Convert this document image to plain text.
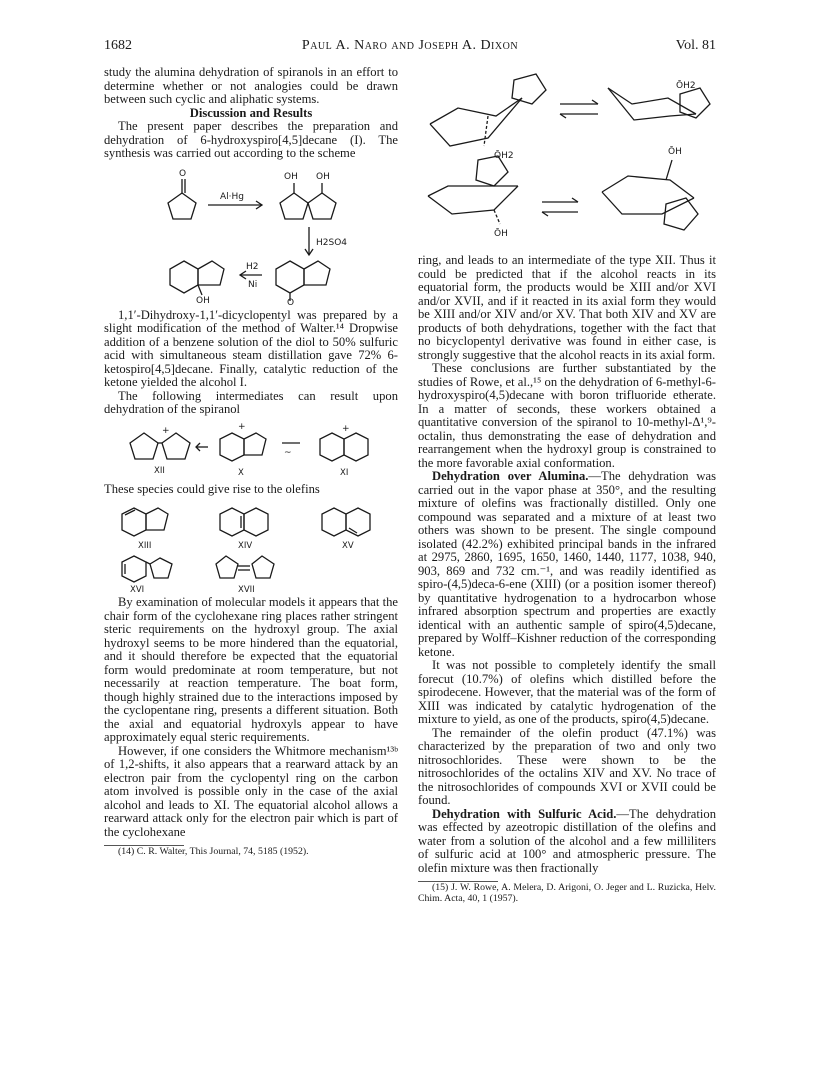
1682	Paul A. Naro and Joseph A. Dixon	Vol. 81

study the alumina dehydration of spiranols in an effort to determine whether or not analogies could be drawn between such cyclic and aliphatic systems.

Discussion and Results

The present paper describes the preparation and dehydration of 6-hydroxyspiro[4,5]decane (I). The synthesis was carried out according to the scheme

O
Al·Hg
OH OH
H2SO4
O
H2
Ni
OH

1,1′-Dihydroxy-1,1′-dicyclopentyl was prepared by a slight modification of the method of Walter.¹⁴ Dropwise addition of a benzene solution of the diol to 50% sulfuric acid with simultaneous steam distillation gave 72% 6-ketospiro[4,5]decane. Finally, catalytic reduction of the ketone yielded the alcohol I.

The following intermediates can result upon dehydration of the spiranol

+
XII
+
X
~
+
XI

These species could give rise to the olefins

XIII	XIV	XV
XVI	XVII

By examination of molecular models it appears that the chair form of the cyclohexane ring places rather stringent steric requirements on the hydroxyl group. The axial hydroxyl seems to be more hindered than the equatorial, and it should therefore be expected that the equatorial form would predominate at room temperature, but not necessarily at reaction temperature. The boat form, though highly strained due to the interactions imposed by the cyclopentane ring, presents a different situation. Both the axial and equatorial hydroxyls appear to have approximately equal steric requirements.

However, if one considers the Whitmore mechanism¹³ᵇ of 1,2-shifts, it also appears that a rearward attack by an electron pair from the cyclopentyl ring on the carbon atom involved is possible only in the case of the axial alcohol and leads to XI. The equatorial alcohol allows a rearward attack only for the electron pair which is part of the cyclohexane

(14) C. R. Walter, This Journal, 74, 5185 (1952).

ŌH2
ŌH2
ŌH
ŌH

ring, and leads to an intermediate of the type XII. Thus it could be predicted that if the alcohol reacts in its equatorial form, the products would be XIII and/or XVI and/or XVII, and if it reacted in its axial form they would be XIII and/or XIV and/or XV. That both XIV and XV are products of both dehydrations, together with the fact that no bicyclopentyl derivative was found in either case, is strongly suggestive that the alcohol reacts in its axial form.

These conclusions are further substantiated by the studies of Rowe, et al.,¹⁵ on the dehydration of 6-methyl-6-hydroxyspiro(4,5)decane with boron trifluoride etherate. In a matter of seconds, these workers obtained a quantitative conversion of the spiranol to 10-methyl-Δ¹,⁹-octalin, thus demonstrating the ease of dehydration and rearrangement when the hydroxyl group is constrained to the more favorable axial conformation.

Dehydration over Alumina.—The dehydration was carried out in the vapor phase at 350°, and the resulting mixture of olefins was fractionally distilled. Only one compound was separated and a mixture of at least two others was shown to be present. The single compound isolated (42.2%) exhibited principal bands in the infrared at 2975, 2860, 1695, 1650, 1460, 1440, 1177, 1038, 940, 903, 869 and 732 cm.⁻¹, and was readily identified as spiro-(4,5)deca-6-ene (XIII) (or a position isomer thereof) by quantitative hydrogenation to a hydrocarbon whose infrared absorption spectrum and properties are exactly identical with an authentic sample of spiro(4,5)decane, prepared by Wolff–Kishner reduction of the corresponding ketone.

It was not possible to completely identify the small forecut (10.7%) of olefins which distilled before the spirodecene. However, that the material was of the form of XIII was indicated by catalytic hydrogenation of the mixture to yield, as one of the products, spiro(4,5)decane.

The remainder of the olefin product (47.1%) was characterized by the preparation of two and only two nitrosochlorides. These were shown to be the nitrosochlorides of the octalins XIV and XV. No trace of the nitrosochlorides of compounds XVI or XVII could be found.

Dehydration with Sulfuric Acid.—The dehydration was effected by azeotropic distillation of the olefins and water from a solution of the alcohol and a few milliliters of sulfuric acid at 100° and atmospheric pressure. The olefin mixture was then fractionally

(15) J. W. Rowe, A. Melera, D. Arigoni, O. Jeger and L. Ruzicka, Helv. Chim. Acta, 40, 1 (1957).
